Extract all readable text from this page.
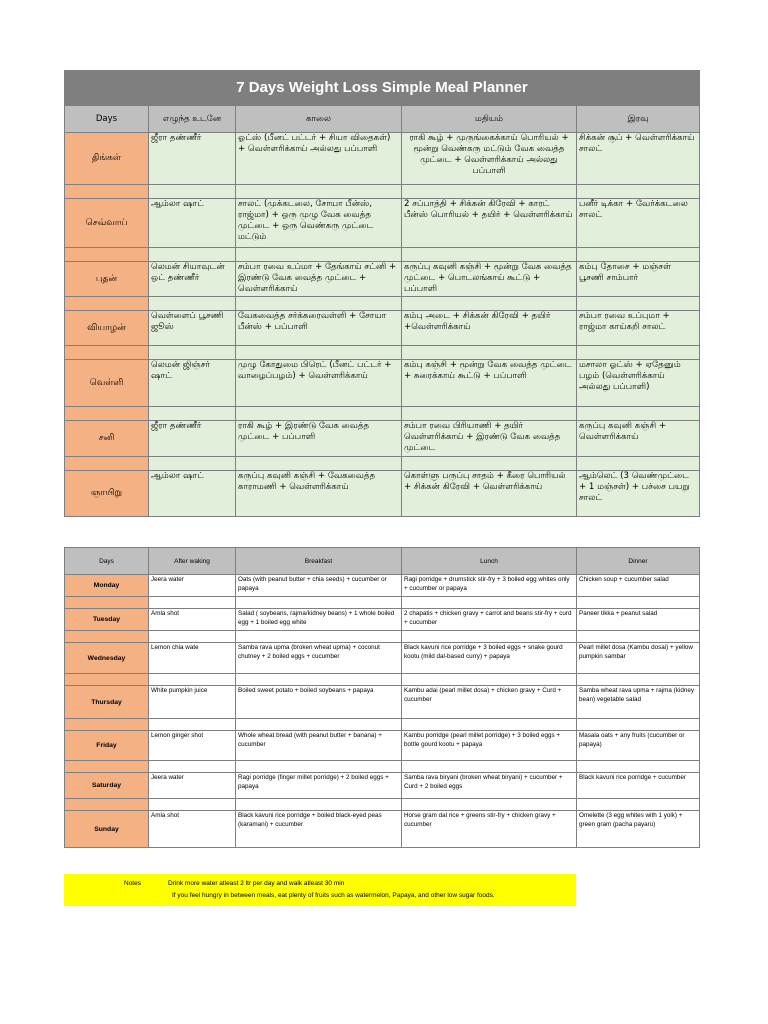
7 Days Weight Loss Simple Meal Planner				
Days	எழுந்த உடனே	காலை	மதியம்	இரவு
திங்கள்	ஜீரா தண்ணீர்	ஓட்ஸ் (பீனட் பட்டர் + சியா விதைகள்) + வெள்ளரிக்காய் அல்லது பப்பாளி	ராகி கூழ் + முருங்கைக்காய் பொரியல் + மூன்று வெண்கரு மட்டும் வேக வைத்த முட்டை + வெள்ளரிக்காய் அல்லது பப்பாளி	சிக்கன் சூப் + வெள்ளரிக்காய் சாலட்

செவ்வாய்	ஆம்லா ஷாட்	சாலட் (முக்கடலை, சோயா பீன்ஸ், ராஜ்மா) + ஒரு முழு வேக வைத்த முட்டை + ஒரு வெண்கரு முட்டை மட்டும்	2 சப்பாத்தி + சிக்கன் கிரேவி + காரட் பீன்ஸ் பொரியல் + தயிர் + வெள்ளரிக்காய்	பனீர் டிக்கா + வேர்க்கடலை சாலட்

புதன்	லெமன் சியாவுடன் ஒட் தண்ணீர்	சம்பா ரவை உப்மா + தேங்காய் சட்னி + இரண்டு வேக வைத்த முட்டை + வெள்ளரிக்காய்	கருப்பு கவுனி கஞ்சி + மூன்று வேக வைத்த முட்டை + பொடலங்காய் கூட்டு + பப்பாளி	கம்பு தோசை + மஞ்சள் பூசணி சாம்பார்

வியாழன்	வெள்ளைப் பூசணி ஜூஸ்	வேகவைத்த சர்க்கரைவள்ளி + சோயா பீன்ஸ் + பப்பாளி	கம்பு அடை + சிக்கன் கிரேவி + தயிர் +வெள்ளரிக்காய்	சம்பா ரவை உப்புமா + ராஜ்மா காய்கறி சாலட்

வெள்ளி	லெமன் ஜிஞ்சர் ஷாட்	முழு கோதுமை பிரெட் (பீனட் பட்டர் + வாழைப்பழம்) + வெள்ளரிக்காய்	கம்பு கஞ்சி + மூன்று வேக வைத்த முட்டை + சுரைக்காய் கூட்டு + பப்பாளி	மசாலா ஓட்ஸ் + ஏதேனும் பழம் (வெள்ளரிக்காய் அல்லது பப்பாளி)

சனி	ஜீரா தண்ணீர்	ராகி கூழ் + இரண்டு வேக வைத்த முட்டை + பப்பாளி	சம்பா ரவை பிரியாணி + தயிர் வெள்ளரிக்காய் + இரண்டு வேக வைத்த முட்டை	கருப்பு கவுனி கஞ்சி + வெள்ளரிக்காய்

ஞாயிறு	ஆம்லா ஷாட்	கருப்பு கவுனி கஞ்சி + வேகவைத்த காராமணி + வெள்ளரிக்காய்	கொள்ளு பருப்பு சாதம் + கீரை பொரியல் + சிக்கன் கிரேவி + வெள்ளரிக்காய்	ஆம்லெட் (3 வெண்முட்டை + 1 மஞ்சள்) + பச்சை பயறு சாலட்
Days	After waking	Breakfast	Lunch	Dinner
Monday	Jeera water	Oats (with peanut butter + chia seeds) + cucumber or papaya	Ragi porridge + drumstick stir-fry + 3 boiled egg whites only + cucumber or papaya	Chicken soup + cucumber salad

Tuesday	Amla shot	Salad ( soybeans, rajma/kidney beans) + 1 whole boiled egg + 1 boiled egg white	2 chapatis + chicken gravy + carrot and beans stir-fry + curd + cucumber	Paneer tikka + peanut salad

Wednesday	Lemon chia wate	Samba rava upma (broken wheat upma) + coconut chutney + 2 boiled eggs + cucumber	Black kavuni rice porridge + 3 boiled eggs + snake gourd kootu (mild dal-based curry) + papaya	Pearl millet dosa (Kambu dosai) + yellow pumpkin sambar

Thursday	White pumpkin juice	Boiled sweet potato + boiled soybeans + papaya	Kambu adai (pearl millet dosa) + chicken gravy + Curd + cucumber	Samba wheat rava upma + rajma (kidney bean) vegetable salad

Friday	Lemon ginger shot	Whole wheat bread (with peanut butter + banana) + cucumber	Kambu porridge (pearl millet porridge) + 3 boiled eggs + bottle gourd kootu + papaya	Masala oats + any fruits (cucumber or papaya)

Saturday	Jeera water	Ragi porridge (finger millet porridge) + 2 boiled eggs + papaya	Samba rava biryani (broken wheat biryani) + cucumber + Curd + 2 boiled eggs	Black kavuni rice porridge + cucumber

Sunday	Amla shot	Black kavuni rice porridge + boiled black-eyed peas (karamani) + cucumber	Horse gram dal rice + greens stir-fry + chicken gravy + cucumber	Omelette (3 egg whites with 1 yolk) + green gram (pacha payaru)
Notes	Drink more water atleast 2 ltr per day and walk atleast 30 min
If you feel hungry in between meals, eat plenty of fruits such as watermelon, Papaya, and other low sugar foods.
